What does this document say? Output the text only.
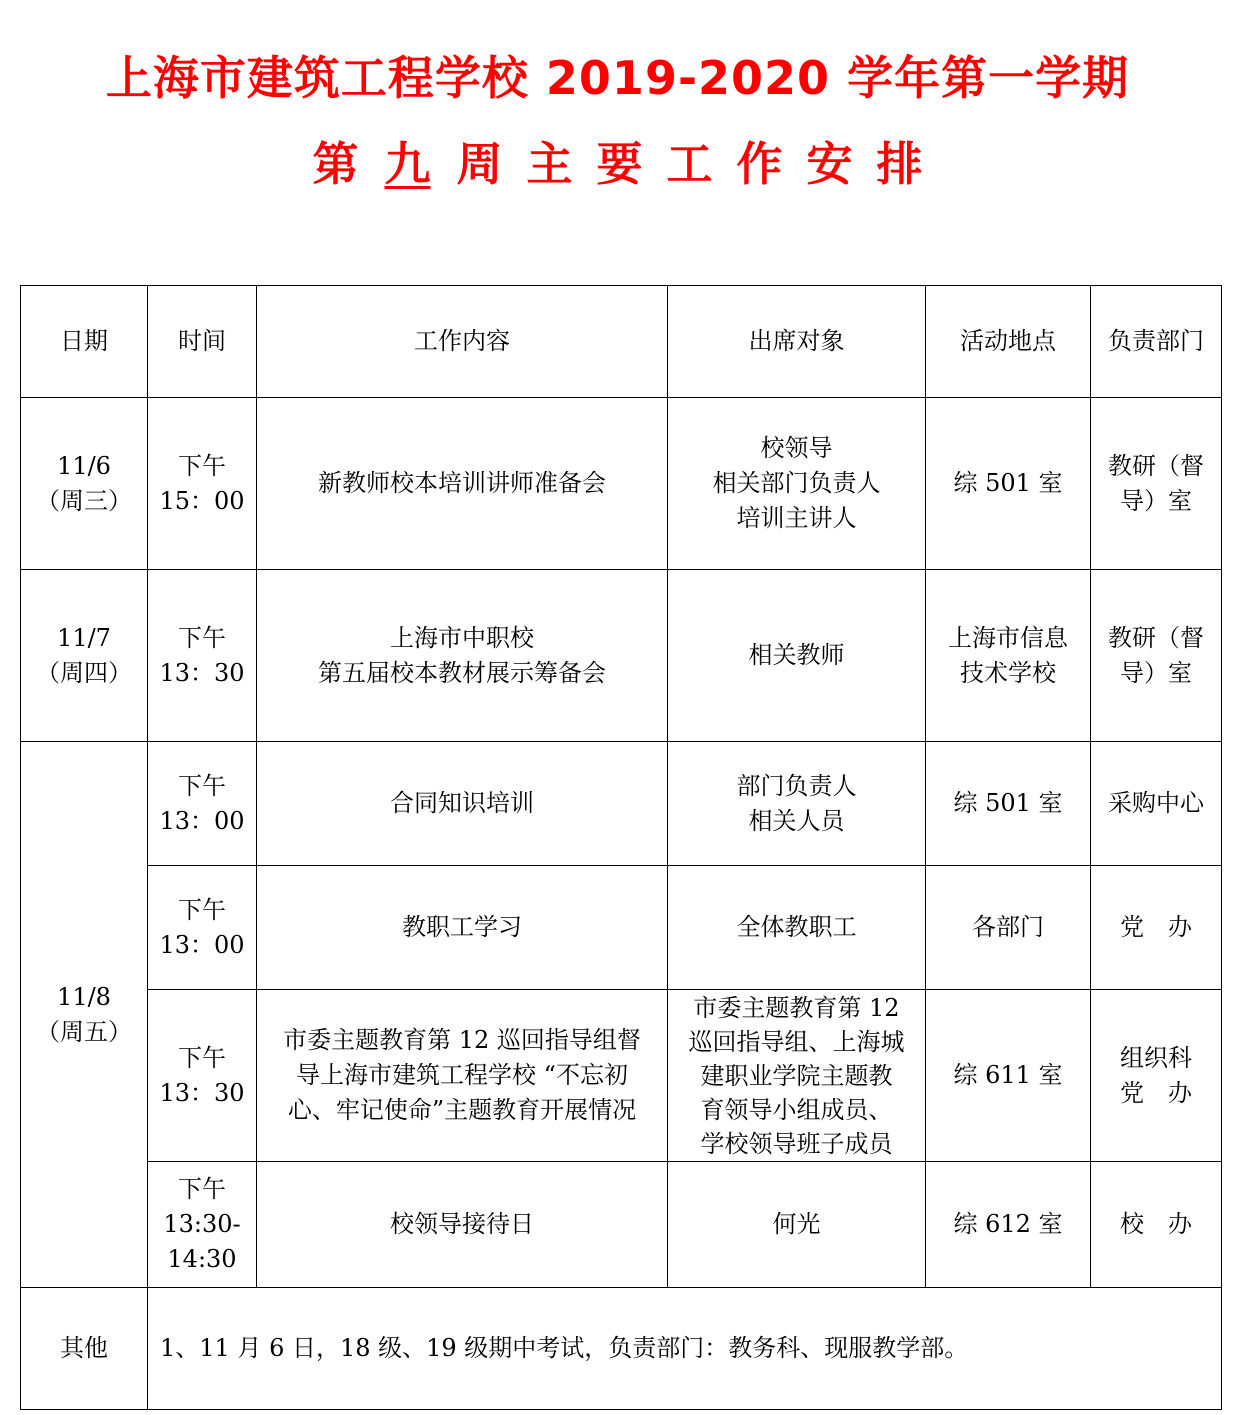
上海市建筑工程学校 2019-2020 学年第一学期
第 九 周 主 要 工 作 安 排
日期	时间	工作内容	出席对象	活动地点	负责部门

11/6
（周三）	下午
15：00	新教师校本培训讲师准备会	校领导
相关部门负责人
培训主讲人	综 501 室	教研（督
导）室

11/7
（周四）	下午
13：30	上海市中职校
第五届校本教材展示筹备会	相关教师	上海市信息
技术学校	教研（督
导）室

11/8
（周五）	下午
13：00	合同知识培训	部门负责人
相关人员	综 501 室	采购中心

	下午
13：00	教职工学习	全体教职工	各部门	党　办

	下午
13：30	市委主题教育第 12 巡回指导组督
导上海市建筑工程学校 “不忘初
心、牢记使命”主题教育开展情况	市委主题教育第 12
巡回指导组、上海城
建职业学院主题教
育领导小组成员、
学校领导班子成员	综 611 室	组织科
党　办

	下午
13:30-
14:30	校领导接待日	何光	综 612 室	校　办

其他	1、11 月 6 日，18 级、19 级期中考试，负责部门：教务科、现服教学部。				
